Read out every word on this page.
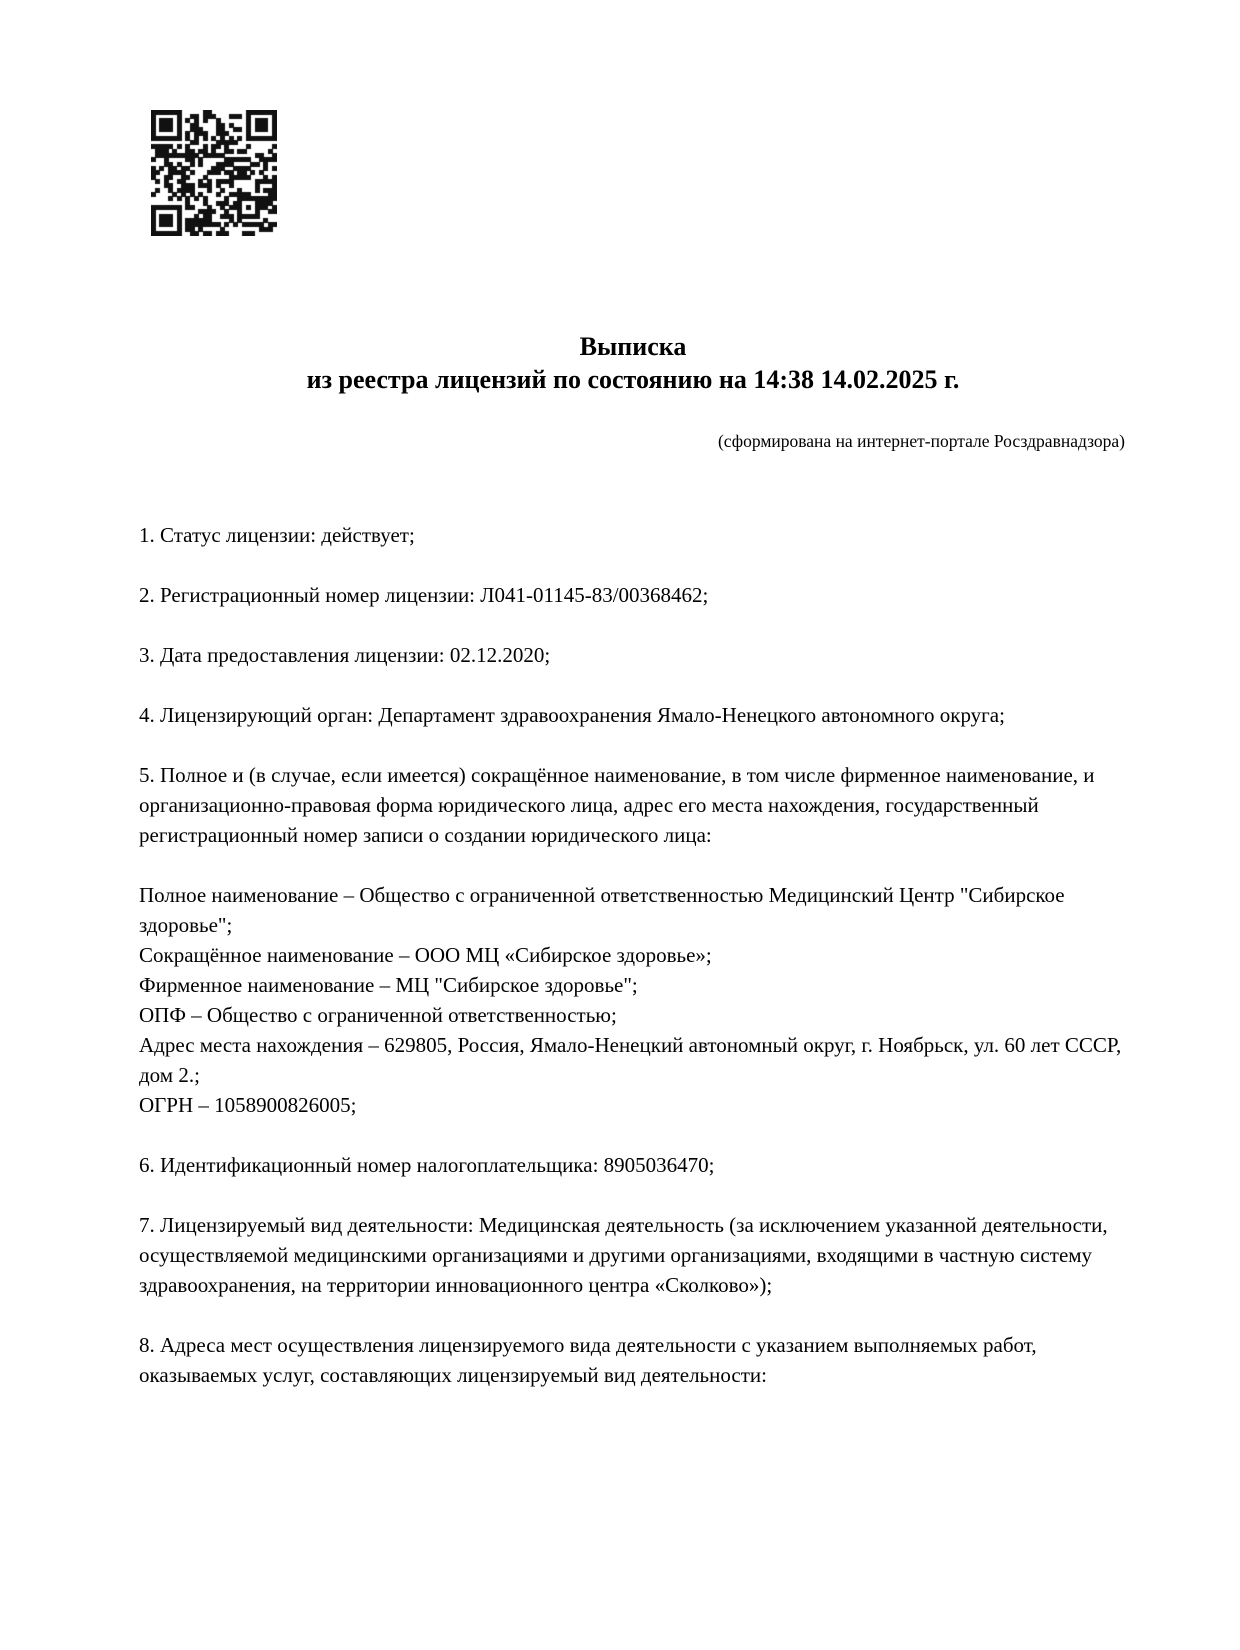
Выписка
из реестра лицензий по состоянию на 14:38 14.02.2025 г.
(сформирована на интернет-портале Росздравнадзора)

1. Статус лицензии: действует;

2. Регистрационный номер лицензии: Л041-01145-83/00368462;

3. Дата предоставления лицензии: 02.12.2020;

4. Лицензирующий орган: Департамент здравоохранения Ямало-Ненецкого автономного округа;

5. Полное и (в случае, если имеется) сокращённое наименование, в том числе фирменное наименование, и организационно-правовая форма юридического лица, адрес его места нахождения, государственный регистрационный номер записи о создании юридического лица:

Полное наименование – Общество с ограниченной ответственностью Медицинский Центр "Сибирское здоровье";

Сокращённое наименование – ООО МЦ «Сибирское здоровье»;

Фирменное наименование – МЦ "Сибирское здоровье";

ОПФ – Общество с ограниченной ответственностью;

Адрес места нахождения – 629805, Россия, Ямало-Ненецкий автономный округ, г. Ноябрьск, ул. 60 лет СССР, дом 2.;

ОГРН – 1058900826005;

6. Идентификационный номер налогоплательщика: 8905036470;

7. Лицензируемый вид деятельности: Медицинская деятельность (за исключением указанной деятельности, осуществляемой медицинскими организациями и другими организациями, входящими в частную систему здравоохранения, на территории инновационного центра «Сколково»);

8. Адреса мест осуществления лицензируемого вида деятельности с указанием выполняемых работ, оказываемых услуг, составляющих лицензируемый вид деятельности:
